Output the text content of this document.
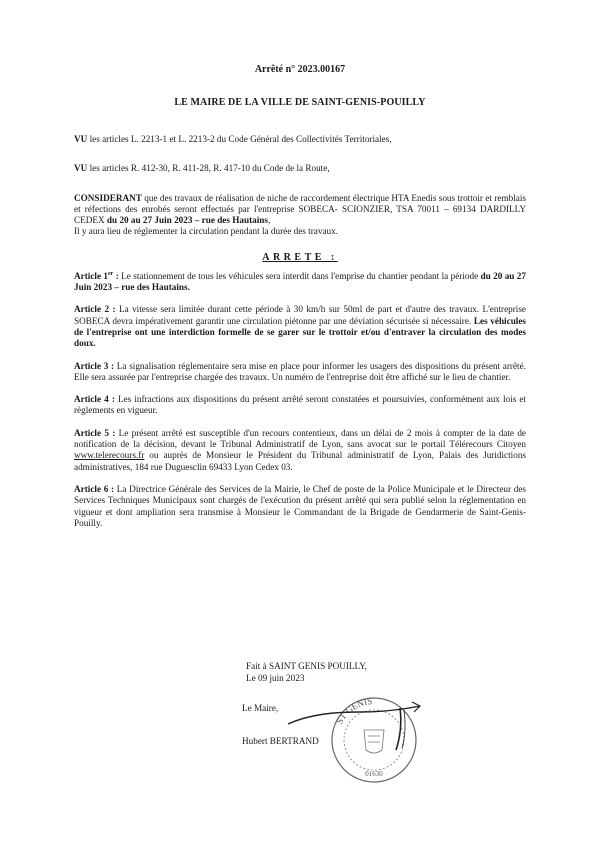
Arrêté n° 2023.00167

LE MAIRE DE LA VILLE DE SAINT-GENIS-POUILLY

VU les articles L. 2213-1 et L. 2213-2 du Code Général des Collectivités Territoriales,

VU les articles R. 412-30, R. 411-28, R. 417-10 du Code de la Route,

CONSIDERANT que des travaux de réalisation de niche de raccordement électrique HTA Enedis sous trottoir et remblais et réfections des enrobés seront effectués par l'entreprise SOBECA- SCIONZIER, TSA 70011 – 69134 DARDILLY CEDEX du 20 au 27 Juin 2023 – rue des Hautains,
Il y aura lieu de réglementer la circulation pendant la durée des travaux.

ARRETE :

Article 1er : Le stationnement de tous les véhicules sera interdit dans l'emprise du chantier pendant la période du 20 au 27 Juin 2023 – rue des Hautains.

Article 2 : La vitesse sera limitée durant cette période à 30 km/h sur 50ml de part et d'autre des travaux. L'entreprise SOBECA devra impérativement garantir une circulation piétonne par une déviation sécurisée si nécessaire. Les véhicules de l'entreprise ont une interdiction formelle de se garer sur le trottoir et/ou d'entraver la circulation des modes doux.

Article 3 : La signalisation réglementaire sera mise en place pour informer les usagers des dispositions du présent arrêté. Elle sera assurée par l'entreprise chargée des travaux. Un numéro de l'entreprise doit être affiché sur le lieu de chantier.

Article 4 : Les infractions aux dispositions du présent arrêté seront constatées et poursuivies, conformément aux lois et règlements en vigueur.

Article 5 : Le présent arrêté est susceptible d'un recours contentieux, dans un délai de 2 mois à compter de la date de notification de la décision, devant le Tribunal Administratif de Lyon, sans avocat sur le portail Télérecours Citoyen www.telerecours.fr ou auprès de Monsieur le Président du Tribunal administratif de Lyon, Palais des Juridictions administratives, 184 rue Duguesclin 69433 Lyon Cedex 03.

Article 6 : La Directrice Générale des Services de la Mairie, le Chef de poste de la Police Municipale et le Directeur des Services Techniques Municipaux sont chargés de l'exécution du présent arrêté qui sera publié selon la réglementation en vigueur et dont ampliation sera transmise à Monsieur le Commandant de la Brigade de Gendarmerie de Saint-Genis-Pouilly.

Fait à SAINT GENIS POUILLY,
Le 09 juin 2023
Le Maire,
Hubert BERTRAND
ST GENIS
01630
